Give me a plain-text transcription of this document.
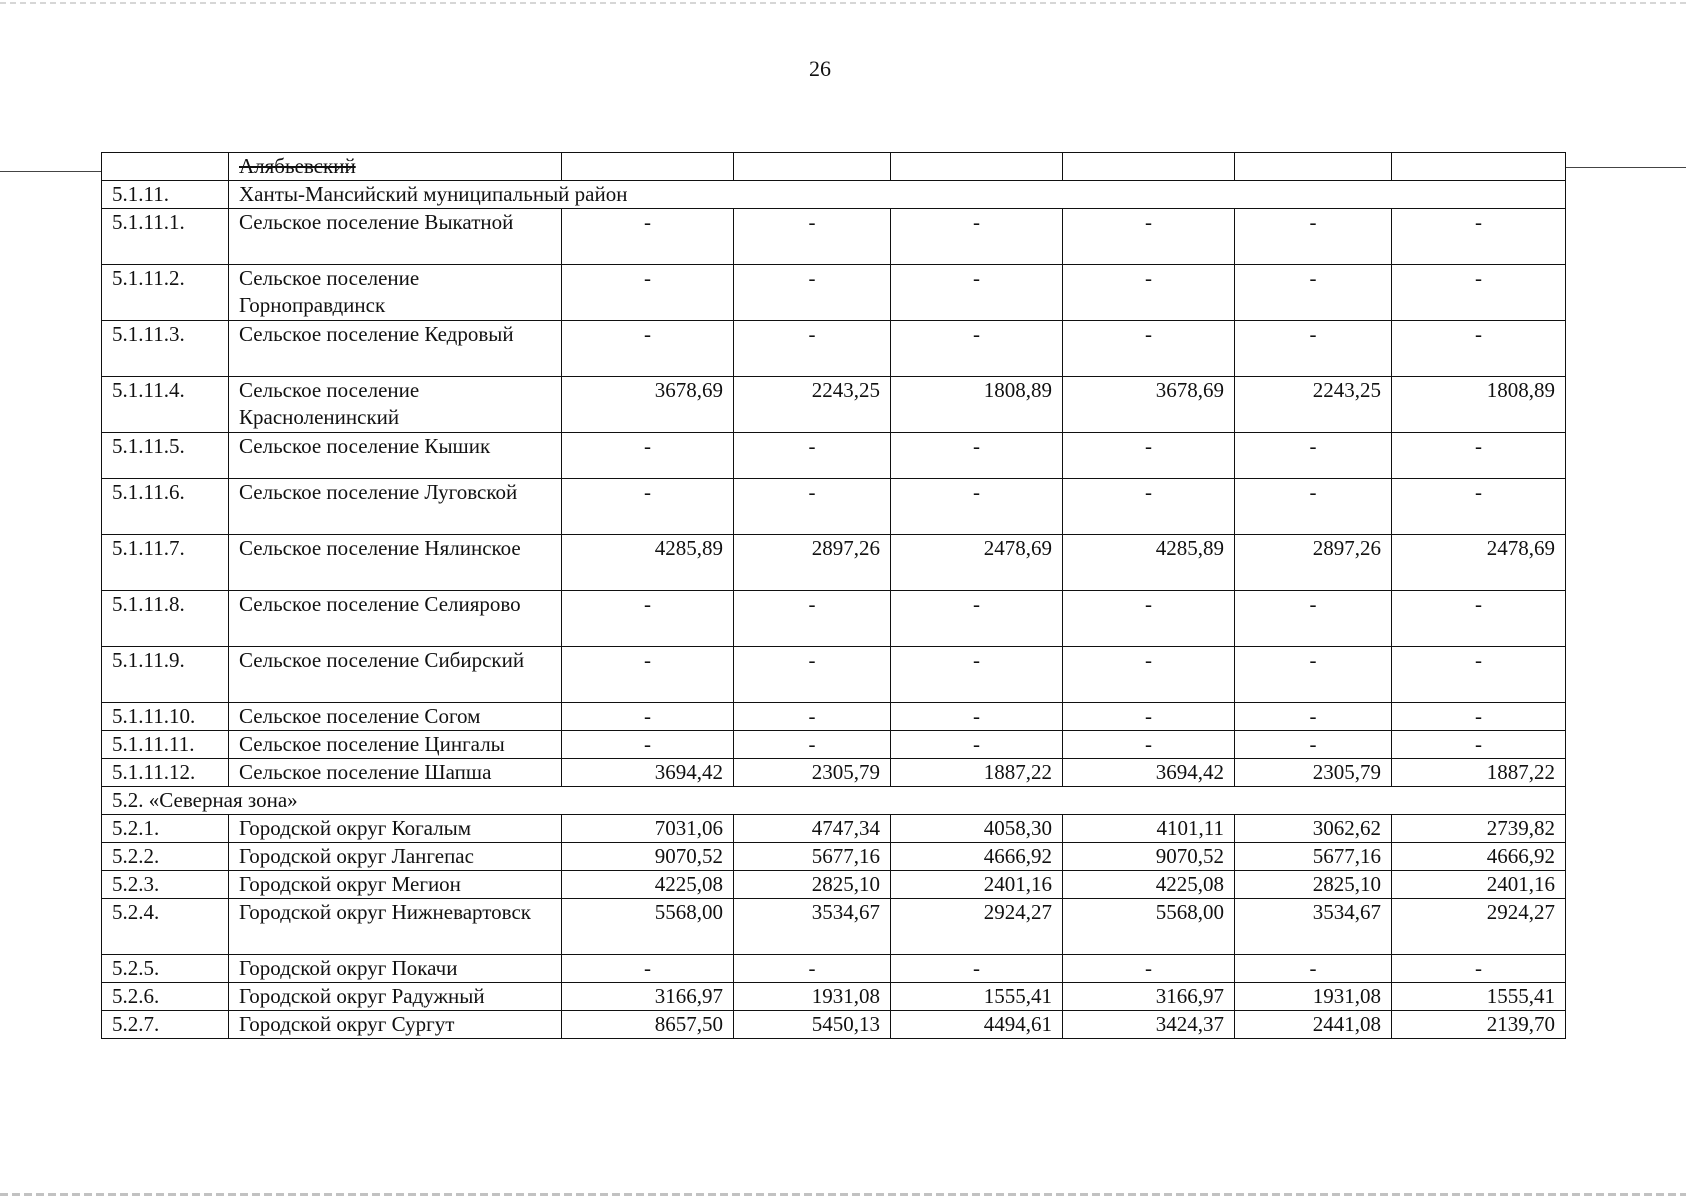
26
	Алябьевский						
5.1.11.	Ханты-Мансийский муниципальный район						
5.1.11.1.	Сельское поселение Выкатной	-	-	-	-	-	-
5.1.11.2.	Сельское поселение Горноправдинск	-	-	-	-	-	-
5.1.11.3.	Сельское поселение Кедровый	-	-	-	-	-	-
5.1.11.4.	Сельское поселение Красноленинский	3678,69	2243,25	1808,89	3678,69	2243,25	1808,89
5.1.11.5.	Сельское поселение Кышик	-	-	-	-	-	-
5.1.11.6.	Сельское поселение Луговской	-	-	-	-	-	-
5.1.11.7.	Сельское поселение Нялинское	4285,89	2897,26	2478,69	4285,89	2897,26	2478,69
5.1.11.8.	Сельское поселение Селиярово	-	-	-	-	-	-
5.1.11.9.	Сельское поселение Сибирский	-	-	-	-	-	-
5.1.11.10.	Сельское поселение Согом	-	-	-	-	-	-
5.1.11.11.	Сельское поселение Цингалы	-	-	-	-	-	-
5.1.11.12.	Сельское поселение Шапша	3694,42	2305,79	1887,22	3694,42	2305,79	1887,22
5.2. «Северная зона»							
5.2.1.	Городской округ Когалым	7031,06	4747,34	4058,30	4101,11	3062,62	2739,82
5.2.2.	Городской округ Лангепас	9070,52	5677,16	4666,92	9070,52	5677,16	4666,92
5.2.3.	Городской округ Мегион	4225,08	2825,10	2401,16	4225,08	2825,10	2401,16
5.2.4.	Городской округ Нижневартовск	5568,00	3534,67	2924,27	5568,00	3534,67	2924,27
5.2.5.	Городской округ Покачи	-	-	-	-	-	-
5.2.6.	Городской округ Радужный	3166,97	1931,08	1555,41	3166,97	1931,08	1555,41
5.2.7.	Городской округ Сургут	8657,50	5450,13	4494,61	3424,37	2441,08	2139,70
